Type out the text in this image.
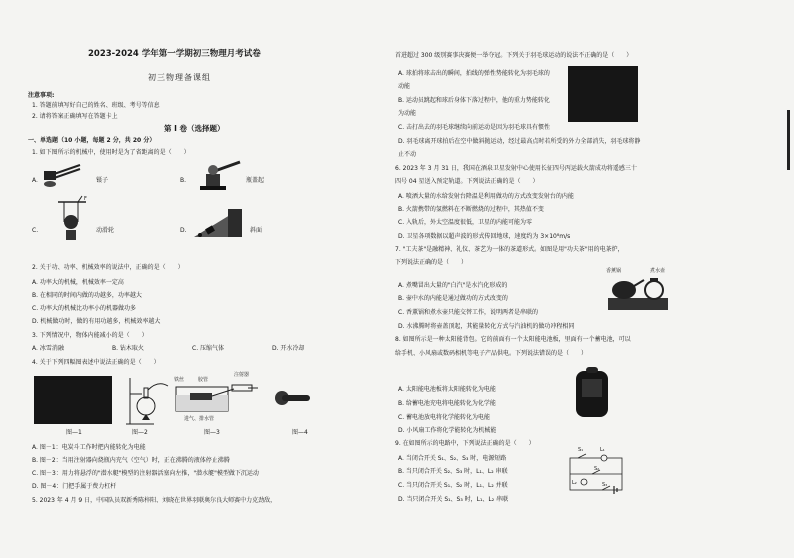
2023-2024 学年第一学期初三物理月考试卷
初三物理备课组
注意事项:
1. 答题前填写好自己的姓名、班级、考号等信息
2. 请将答案正确填写在答题卡上
第 I 卷（选择题）
一、单选题（10 小题，每题 2 分，共 20 分）
1. 如下图所示的机械中，使用时是为了省距离的是（　　）
A.	镊子	B.	瓶盖起
C.
F
动滑轮	D.	斜面
2. 关于功、功率、机械效率的说法中，正确的是（　　）
A. 功率大的机械，机械效率一定高
B. 在相同的时间内做的功越多，功率越大
C. 功率大的机械比功率小的机器做功多
D. 机械做功时，做的有用功越多，机械效率越大
3. 下列情况中，物体内能减小的是（　　）
A. 冰雪消融	B. 钻木取火	C. 压缩气体	D. 开水冷却
4. 关于下列四幅图表述中说法正确的是（　　）
铁丝	胶管
注射器
进气、排水管
图—1	图—2	图—3	图—4
A. 图－1：电炭斗工作时把内能转化为电能
B. 图－2：当用注射器向烧瓶内充气（空气）时，正在沸腾的液体停止沸腾
C. 图－3：用力将悬浮的"潜水艇"模型的注射器活塞向左推，"潜水艇"模型做下沉运动
D. 图－4：门把手属于费力杠杆
5. 2023 年 4 月 9 日，中国队员双新秀陈梓阳、刘晓在世界羽联奥尔良大师赛中力克劲敌，
首进超过 300 级别赛事决赛便一举夺冠。下列关于羽毛球运动的说法不正确的是（　　）
A. 球拍将球击出的瞬间，拍线的弹性势能转化为羽毛球的
动能
B. 运动员跳起和球后身体下落过程中，他的重力势能转化
为动能
C. 击打出去的羽毛球继续向前运动是因为羽毛球具有惯性
D. 羽毛球离开球拍后在空中做斜抛运动，经过最高点时若所受的外力全部消失，羽毛球将静
止不动
6. 2023 年 3 月 31 日，我国在酒泉卫星发射中心使用长征四号丙运载火箭成功将遥感三十
四号 04 星送入预定轨道。下列说法正确的是（　　）
A. 喷洒大量的水给发射台降温是利用做功的方式改变发射台的内能
B. 火箭携带的氢燃料在不断燃烧的过程中，其热值不变
C. 入轨后，外太空温度很低，卫星的内能可能为零
D. 卫星各项数据以超声波的形式传回地球，速度约为 3×10⁸m/s
7. "工夫茶"是融精神、礼仪、茶艺为一体的茶道形式。如图是用"功夫茶"用的电茶炉，
下列说法正确的是（　　）
香薰锅	煮水壶
A. 煮嘴冒出大量的"白汽"是水汽化形成的
B. 壶中水的内能是通过做功的方式改变的
C. 香薰锅和煮水壶只能交替工作，说明两者是串联的
D. 水沸腾时将壶盖顶起，其能量转化方式与汽油机的做功冲程相同
8. 如图所示是一种太阳能背包。它的前面有一个太阳能电池板，里面有一个蓄电池，可以
给手机、小风扇或数码相机等电子产品供电。下列说法错误的是（　　）
A. 太阳能电池板将太阳能转化为电能
B. 给蓄电池充电将电能转化为化学能
C. 蓄电池放电将化学能转化为电能
D. 小风扇工作将化学能转化为机械能
9. 在如图所示的电路中，下列说法正确的是（　　）
A. 当闭合开关 S₁、S₂、S₃ 时，电源短路
B. 当只闭合开关 S₂、S₃ 时，L₁、L₂ 串联
C. 当只闭合开关 S₁、S₂ 时，L₁、L₂ 并联
D. 当只闭合开关 S₁、S₃ 时，L₁、L₂ 串联
S₁	L₁
S₂
L₂	S₃
